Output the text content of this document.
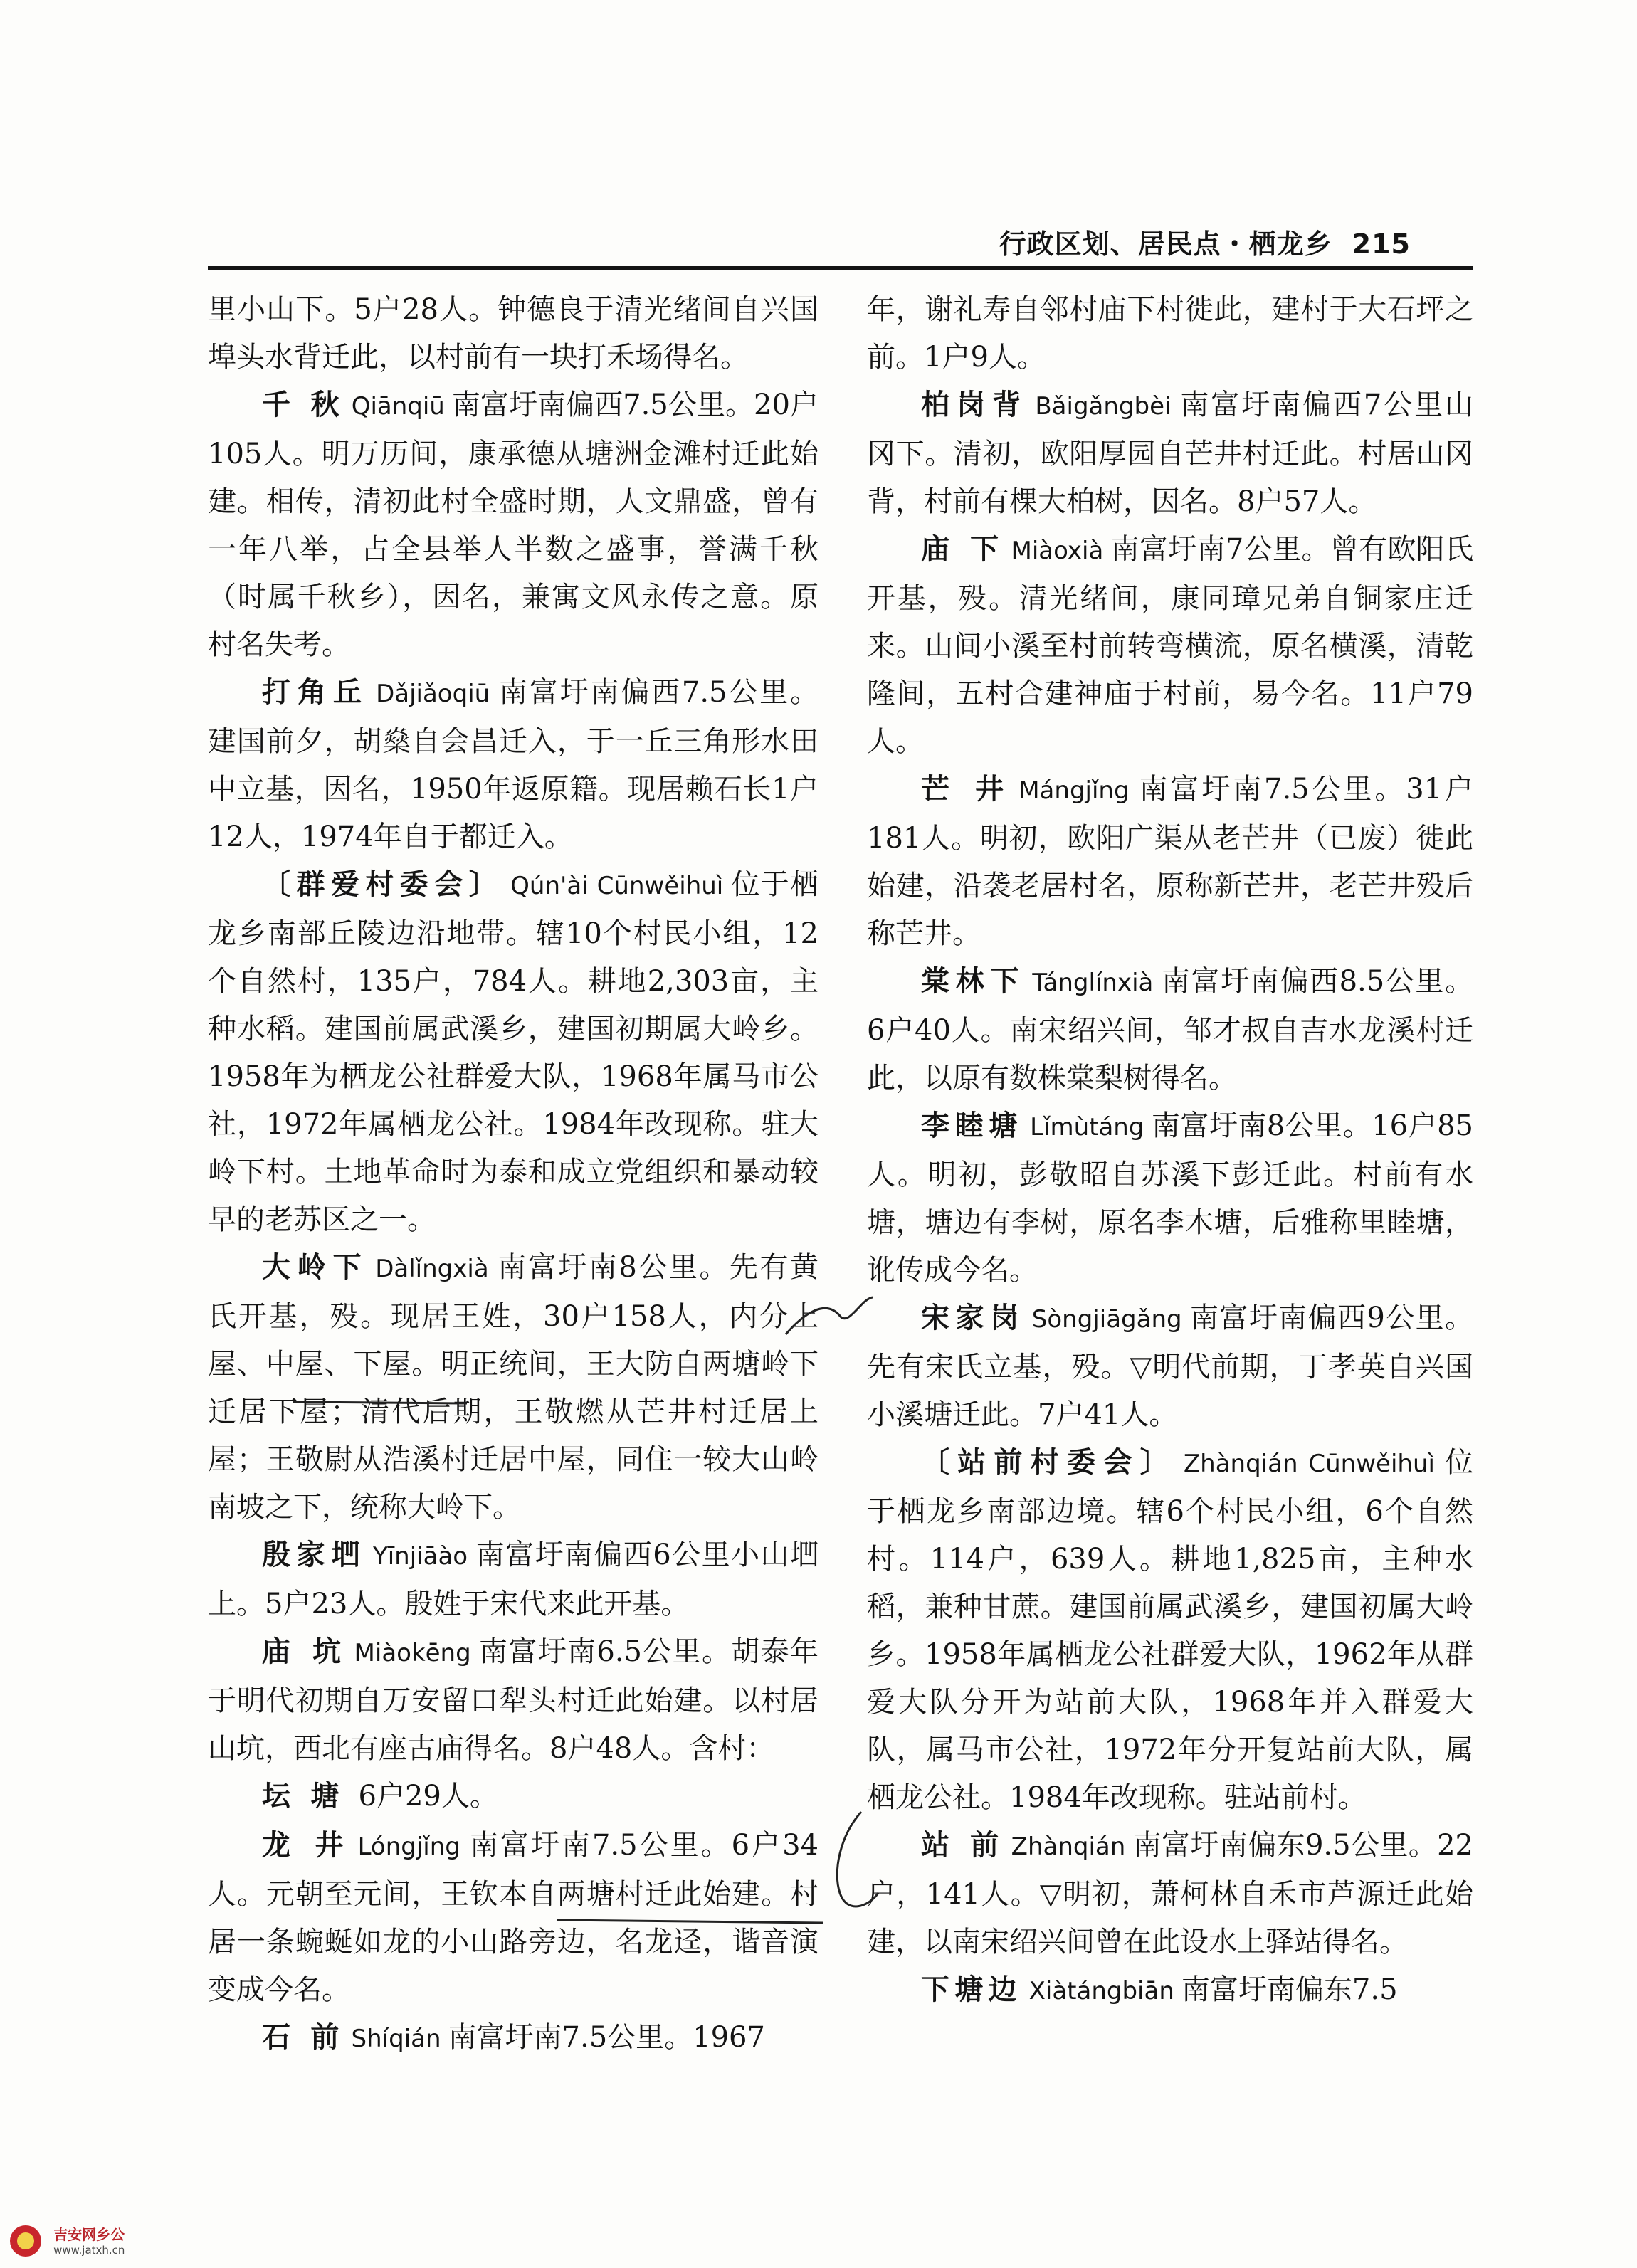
行政区划、居民点・栖龙乡 215

里小山下。5户28人。钟德良于清光绪间自兴国埠头水背迁此，以村前有一块打禾场得名。

千 秋 Qiānqiū 南富圩南偏西7.5公里。20户105人。明万历间，康承德从塘洲金滩村迁此始建。相传，清初此村全盛时期，人文鼎盛，曾有一年八举，占全县举人半数之盛事，誉满千秋（时属千秋乡），因名，兼寓文风永传之意。原村名失考。

打角丘 Dǎjiǎoqiū 南富圩南偏西7.5公里。建国前夕，胡燊自会昌迁入，于一丘三角形水田中立基，因名，1950年返原籍。现居赖石长1户12人，1974年自于都迁入。

〔群爱村委会〕 Qún'ài Cūnwěihuì 位于栖龙乡南部丘陵边沿地带。辖10个村民小组，12个自然村，135户，784人。耕地2,303亩，主种水稻。建国前属武溪乡，建国初期属大岭乡。1958年为栖龙公社群爱大队，1968年属马市公社，1972年属栖龙公社。1984年改现称。驻大岭下村。土地革命时为泰和成立党组织和暴动较早的老苏区之一。

大岭下 Dàlǐngxià 南富圩南8公里。先有黄氏开基，殁。现居王姓，30户158人，内分上屋、中屋、下屋。明正统间，王大防自两塘岭下迁居下屋；清代后期，王敬燃从芒井村迁居上屋；王敬尉从浩溪村迁居中屋，同住一较大山岭南坡之下，统称大岭下。

殷家垇 Yīnjiāào 南富圩南偏西6公里小山垇上。5户23人。殷姓于宋代来此开基。

庙 坑 Miàokēng 南富圩南6.5公里。胡泰年于明代初期自万安留口犁头村迁此始建。以村居山坑，西北有座古庙得名。8户48人。含村：

坛 塘 6户29人。

龙 井 Lóngjǐng 南富圩南7.5公里。6户34人。元朝至元间，王钦本自两塘村迁此始建。村居一条蜿蜒如龙的小山路旁边，名龙迳，谐音演变成今名。

石 前 Shíqián 南富圩南7.5公里。1967

年，谢礼寿自邻村庙下村徙此，建村于大石坪之前。1户9人。

柏岗背 Bǎigǎngbèi 南富圩南偏西7公里山冈下。清初，欧阳厚园自芒井村迁此。村居山冈背，村前有棵大柏树，因名。8户57人。

庙 下 Miàoxià 南富圩南7公里。曾有欧阳氏开基，殁。清光绪间，康同璋兄弟自铜家庄迁来。山间小溪至村前转弯横流，原名横溪，清乾隆间，五村合建神庙于村前，易今名。11户79人。

芒 井 Mángjǐng 南富圩南7.5公里。31户181人。明初，欧阳广渠从老芒井（已废）徙此始建，沿袭老居村名，原称新芒井，老芒井殁后称芒井。

棠林下 Tánglínxià 南富圩南偏西8.5公里。6户40人。南宋绍兴间，邹才叔自吉水龙溪村迁此，以原有数株棠梨树得名。

李睦塘 Lǐmùtáng 南富圩南8公里。16户85人。明初，彭敬昭自苏溪下彭迁此。村前有水塘，塘边有李树，原名李木塘，后雅称里睦塘，讹传成今名。

宋家岗 Sòngjiāgǎng 南富圩南偏西9公里。先有宋氏立基，殁。▽明代前期，丁孝英自兴国小溪塘迁此。7户41人。

〔站前村委会〕 Zhànqián Cūnwěihuì 位于栖龙乡南部边境。辖6个村民小组，6个自然村。114户，639人。耕地1,825亩，主种水稻，兼种甘蔗。建国前属武溪乡，建国初属大岭乡。1958年属栖龙公社群爱大队，1962年从群爱大队分开为站前大队，1968年并入群爱大队，属马市公社，1972年分开复站前大队，属栖龙公社。1984年改现称。驻站前村。

站 前 Zhànqián 南富圩南偏东9.5公里。22户，141人。▽明初，萧柯林自禾市芦源迁此始建，以南宋绍兴间曾在此设水上驿站得名。

下塘边 Xiàtángbiān 南富圩南偏东7.5

吉安网乡公
www.jatxh.cn
